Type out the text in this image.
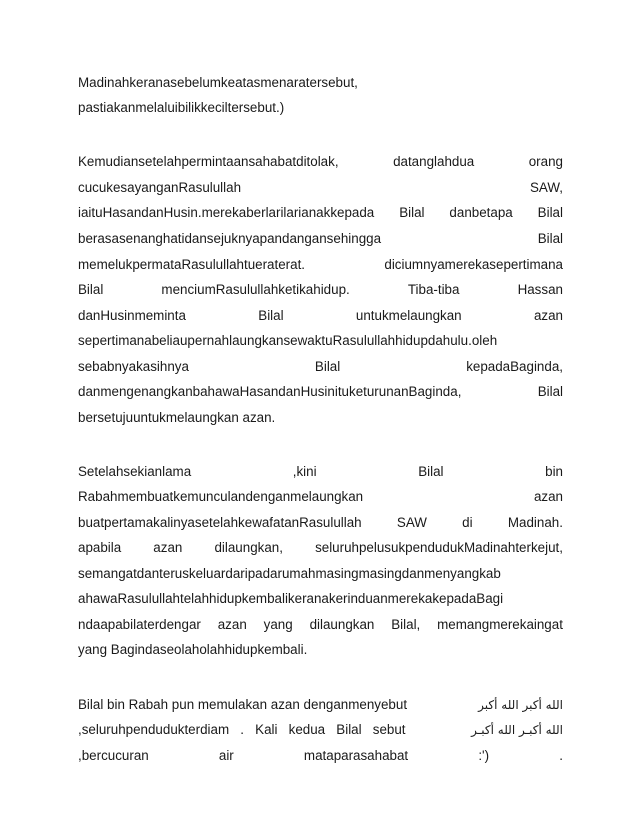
Madinahkeranasebelumkeatasmenaratersebut,
pastiakanmelaluibilikkeciltersebut.)
Kemudiansetelahpermintaansahabatditolak,	datanglahdua	orang
cucukesayanganRasulullah	SAW,
iaituHasandanHusin.merekaberlarilarianakkepada Bilal danbetapa Bilal
berasasenanghatidansejuknyapandangansehingga	Bilal
memelukpermataRasulullahtueraterat.	diciumnyamerekasepertimana
Bilal	menciumRasulullahketikahidup.	Tiba-tiba	Hassan
danHusinmeminta	Bilal	untukmelaungkan	azan
sepertimanabeliaupernahlaungkansewaktuRasulullahhidupdahulu.oleh
sebabnyakasihnya	Bilal	kepadaBaginda,
danmengenangkanbahawaHasandanHusinituketurunanBaginda,	Bilal
bersetujuuntukmelaungkan azan.
Setelahsekianlama	,kini	Bilal	bin
Rabahmembuatkemunculandenganmelaungkan	azan
buatpertamakalinyasetelahkewafatanRasulullah	SAW	di	Madinah.
apabila azan dilaungkan, seluruhpelusukpendudukMadinahterkejut,
semangatdanteruskeluardaripadarumahmasingmasingdanmenyangkab
ahawaRasulullahtelahhidupkembalikeranakerinduanmerekakepadaBagi
ndaapabilaterdengar azan yang dilaungkan Bilal, memangmerekaingat
yang Bagindaseolaholahhidupkembali.
Bilal bin Rabah pun memulakan azan denganmenyebut	الله أكبر الله أكبر
,seluruhpendudukterdiam   .   Kali   kedua   Bilal   sebut	الله أكبـر الله أكبـر
,bercucuran	air	mataparasahabat	:')	.
